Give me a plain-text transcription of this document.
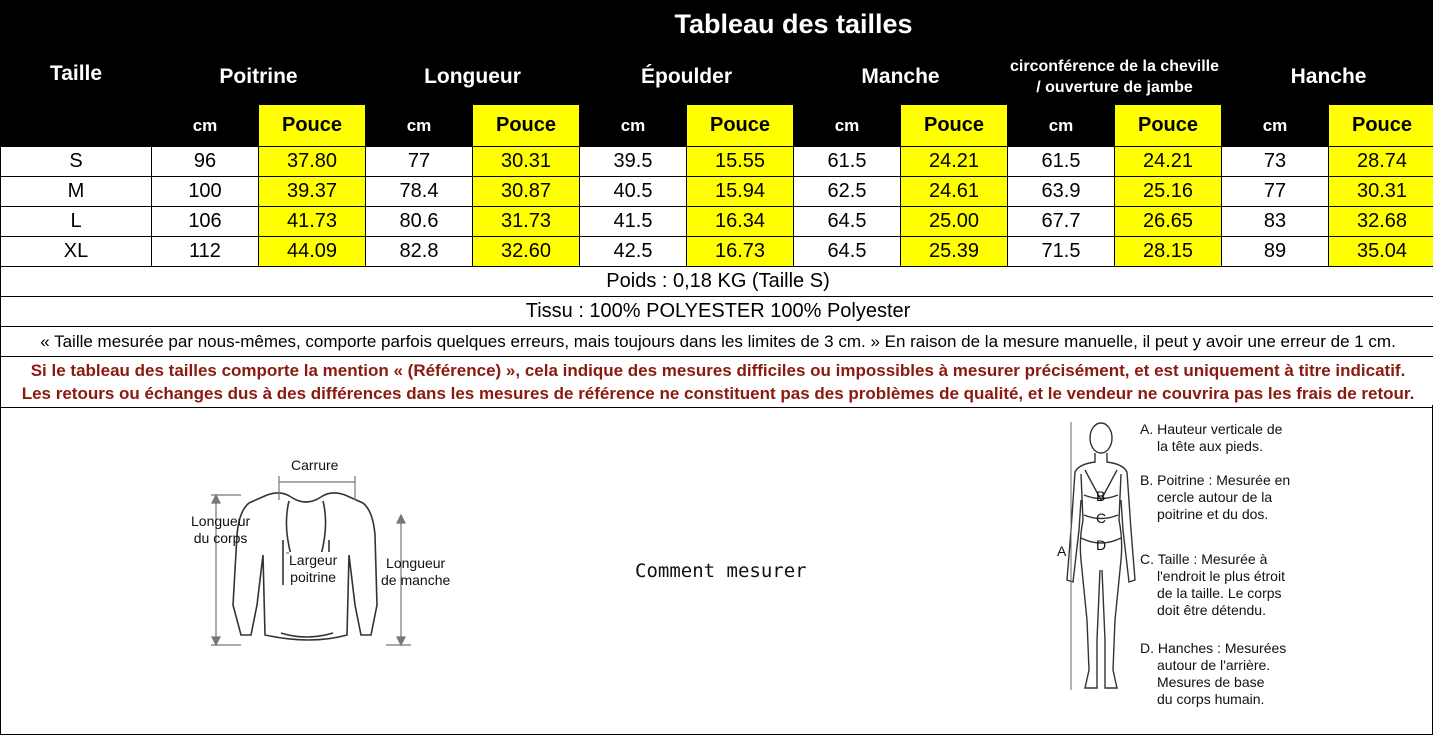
Taille	Tableau des tailles											
	Poitrine		Longueur		Époulder		Manche		circonférence de la cheville
/ ouverture de jambe		Hanche	
	cm	Pouce	cm	Pouce	cm	Pouce	cm	Pouce	cm	Pouce	cm	Pouce
S	96	37.80	77	30.31	39.5	15.55	61.5	24.21	61.5	24.21	73	28.74
M	100	39.37	78.4	30.87	40.5	15.94	62.5	24.61	63.9	25.16	77	30.31
L	106	41.73	80.6	31.73	41.5	16.34	64.5	25.00	67.7	26.65	83	32.68
XL	112	44.09	82.8	32.60	42.5	16.73	64.5	25.39	71.5	28.15	89	35.04
Poids : 0,18 KG (Taille S)												
Tissu : 100% POLYESTER 100% Polyester												
« Taille mesurée par nous-mêmes, comporte parfois quelques erreurs, mais toujours dans les limites de 3 cm. » En raison de la mesure manuelle, il peut y avoir une erreur de 1 cm.												
Si le tableau des tailles comporte la mention « (Référence) », cela indique des mesures difficiles ou impossibles à mesurer précisément, et est uniquement à titre indicatif.
Les retours ou échanges dus à des différences dans les mesures de référence ne constituent pas des problèmes de qualité, et le vendeur ne couvrira pas les frais de retour.												
Carrure
Longueur
du corps
Largeur
poitrine
Longueur
de manche	Comment mesurer
B
C
D
A
A. Hauteur verticale de
la tête aux pieds.
B. Poitrine : Mesurée en
cercle autour de la
poitrine et du dos.
C. Taille : Mesurée à
l'endroit le plus étroit
de la taille. Le corps
doit être détendu.
D. Hanches : Mesurées
autour de l'arrière.
Mesures de base
du corps humain.
